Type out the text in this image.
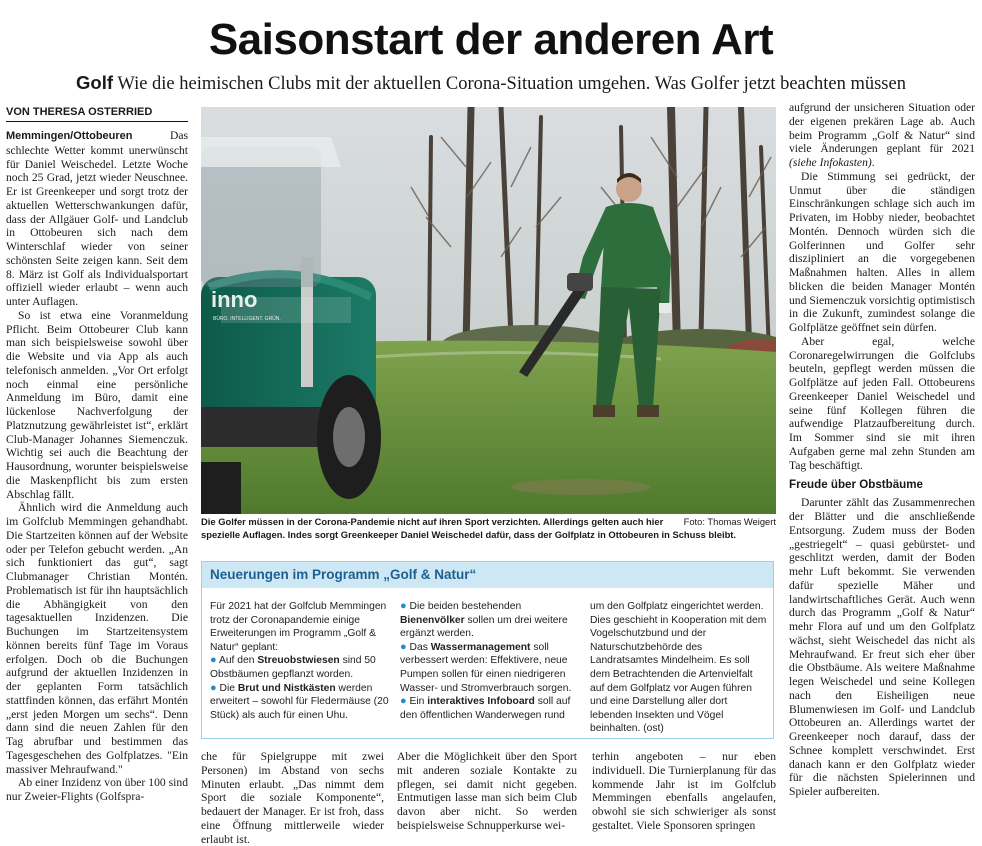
Saisonstart der anderen Art
Golf Wie die heimischen Clubs mit der aktuellen Corona-Situation umgehen. Was Golfer jetzt beachten müssen
VON THERESA OSTERRIED

Memmingen/Ottobeuren	Das schlechte Wetter kommt unerwünscht für Daniel Weischedel. Letzte Woche noch 25 Grad, jetzt wieder Neuschnee. Er ist Greenkeeper und sorgt trotz der aktuellen Wetterschwankungen dafür, dass der Allgäuer Golf- und Landclub in Ottobeuren sich nach dem Winterschlaf wieder von seiner schönsten Seite zeigen kann. Seit dem 8. März ist Golf als Individualsportart offiziell wieder erlaubt – wenn auch unter Auflagen.

So ist etwa eine Voranmeldung Pflicht. Beim Ottobeurer Club kann man sich beispielsweise sowohl über die Website und via App als auch telefonisch anmelden. „Vor Ort erfolgt noch einmal eine persönliche Anmeldung im Büro, damit eine lückenlose Nachverfolgung der Platznutzung gewährleistet ist“, erklärt Club-Manager Johannes Siemenczuk. Wichtig sei auch die Beachtung der Hausordnung, worunter beispielsweise die Maskenpflicht bis zum ersten Abschlag fällt.

Ähnlich wird die Anmeldung auch im Golfclub Memmingen gehandhabt. Die Startzeiten können auf der Website oder per Telefon gebucht werden. „An sich funktioniert das gut“, sagt Clubmanager Christian Montén. Problematisch ist für ihn hauptsächlich die Abhängigkeit von den tagesaktuellen Inzidenzen. Die Buchungen im Startzeitensystem können bereits fünf Tage im Voraus erfolgen. Doch ob die Buchungen aufgrund der aktuellen Inzidenzen in der geplanten Form tatsächlich stattfinden können, das erfährt Montén „erst jeden Morgen um sechs“. Denn dann sind die neuen Zahlen für den Tag abrufbar und bestimmen das Tagesgeschehen des Golfplatzes. "Ein massiver Mehraufwand."

Ab einer Inzidenz von über 100 sind nur Zweier-Flights (Golfspra-

inno
BÜRO. INTELLIGENT. GRÜN.
Foto: Thomas Weigert
Die Golfer müssen in der Corona-Pandemie nicht auf ihren Sport verzichten. Allerdings gelten auch hier spezielle Auflagen. Indes sorgt Greenkeeper Daniel Weischedel dafür, dass der Golfplatz in Ottobeuren in Schuss bleibt.
Neuerungen im Programm „Golf & Natur“
Für 2021 hat der Golfclub Memmingen trotz der Coronapandemie einige Erweiterungen im Programm „Golf & Natur“ geplant:
● Auf den Streuobstwiesen sind 50 Obstbäumen gepflanzt worden.
● Die Brut und Nistkästen werden erweitert – sowohl für Fledermäuse (20 Stück) als auch für einen Uhu.
● Die beiden bestehenden Bienenvölker sollen um drei weitere ergänzt werden.
● Das Wassermanagement soll verbessert werden: Effektivere, neue Pumpen sollen für einen niedrigeren Wasser- und Stromverbrauch sorgen.
● Ein interaktives Infoboard soll auf den öffentlichen Wanderwegen rund
um den Golfplatz eingerichtet werden. Dies geschieht in Kooperation mit dem Vogelschutzbund und der Naturschutzbehörde des Landratsamtes Mindelheim. Es soll dem Betrachtenden die Artenvielfalt auf dem Golfplatz vor Augen führen und eine Darstellung aller dort lebenden Insekten und Vögel beinhalten. (ost)

che für Spielgruppe mit zwei Personen) im Abstand von sechs Minuten erlaubt. „Das nimmt dem Sport die soziale Komponente“, bedauert der Manager. Er ist froh, dass eine Öffnung mittlerweile wieder erlaubt ist.

Aber die Möglichkeit über den Sport mit anderen soziale Kontakte zu pflegen, sei damit nicht gegeben. Entmutigen lasse man sich beim Club davon aber nicht. So werden beispielsweise Schnupperkurse wei-

terhin angeboten – nur eben individuell. Die Turnierplanung für das kommende Jahr ist im Golfclub Memmingen ebenfalls angelaufen, obwohl sie sich schwieriger als sonst gestaltet. Viele Sponsoren springen

aufgrund der unsicheren Situation oder der eigenen prekären Lage ab. Auch beim Programm „Golf & Natur“ sind viele Änderungen geplant für 2021 (siehe Infokasten).

Die Stimmung sei gedrückt, der Unmut über die ständigen Einschränkungen schlage sich auch im Privaten, im Hobby nieder, beobachtet Montén. Dennoch würden sich die Golferinnen und Golfer sehr diszipliniert an die vorgegebenen Maßnahmen halten. Alles in allem blicken die beiden Manager Montén und Siemenczuk vorsichtig optimistisch in die Zukunft, zumindest solange die Golfplätze geöffnet sein dürfen.

Aber egal, welche Coronaregelwirrungen die Golfclubs beuteln, gepflegt werden müssen die Golfplätze auf jeden Fall. Ottobeurens Greenkeeper Daniel Weischedel und seine fünf Kollegen führen die aufwendige Platzaufbereitung durch. Im Sommer sind sie mit ihren Aufgaben gerne mal zehn Stunden am Tag beschäftigt.

Freude über Obstbäume

Darunter zählt das Zusammenrechen der Blätter und die anschließende Entsorgung. Zudem muss der Boden „gestriegelt“ – quasi gebürstet- und geschlitzt werden, damit der Boden mehr Luft bekommt. Sie verwenden dafür spezielle Mäher und landwirtschaftliches Gerät. Auch wenn durch das Programm „Golf & Natur“ mehr Flora auf und um den Golfplatz wächst, sieht Weischedel das nicht als Mehraufwand. Er freut sich eher über die Obstbäume. Als weitere Maßnahme legen Weischedel und seine Kollegen nach den Eisheiligen neue Blumenwiesen im Golf- und Landclub Ottobeuren an. Allerdings wartet der Greenkeeper noch darauf, dass der Schnee komplett verschwindet. Erst danach kann er den Golfplatz wieder für die nächsten Spielerinnen und Spieler aufbereiten.
